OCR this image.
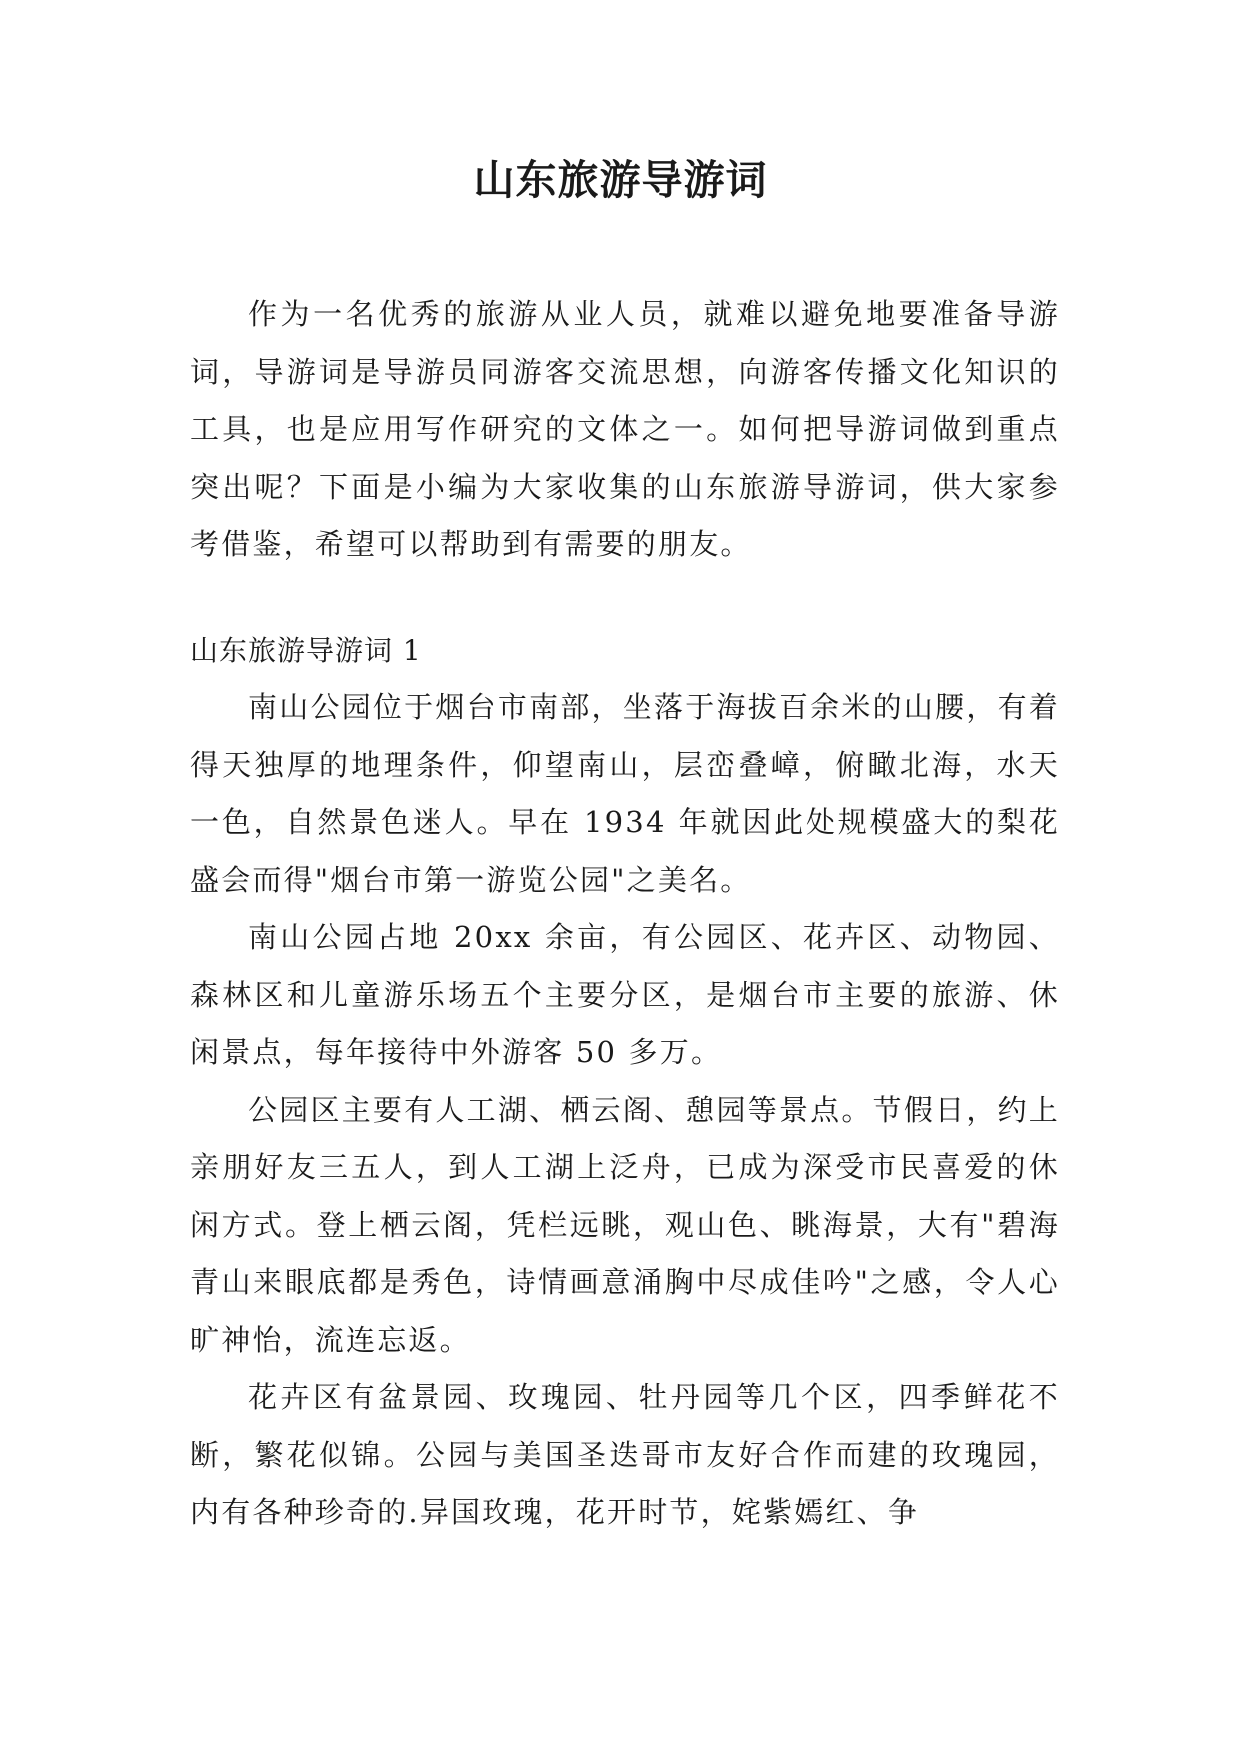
山东旅游导游词

作为一名优秀的旅游从业人员，就难以避免地要准备导游词，导游词是导游员同游客交流思想，向游客传播文化知识的工具，也是应用写作研究的文体之一。如何把导游词做到重点突出呢？下面是小编为大家收集的山东旅游导游词，供大家参考借鉴，希望可以帮助到有需要的朋友。

山东旅游导游词 1

南山公园位于烟台市南部，坐落于海拔百余米的山腰，有着得天独厚的地理条件，仰望南山，层峦叠嶂，俯瞰北海，水天一色，自然景色迷人。早在 1934 年就因此处规模盛大的梨花盛会而得"烟台市第一游览公园"之美名。

南山公园占地 20xx 余亩，有公园区、花卉区、动物园、森林区和儿童游乐场五个主要分区，是烟台市主要的旅游、休闲景点，每年接待中外游客 50 多万。

公园区主要有人工湖、栖云阁、憩园等景点。节假日，约上亲朋好友三五人，到人工湖上泛舟，已成为深受市民喜爱的休闲方式。登上栖云阁，凭栏远眺，观山色、眺海景，大有"碧海青山来眼底都是秀色，诗情画意涌胸中尽成佳吟"之感，令人心旷神怡，流连忘返。

花卉区有盆景园、玫瑰园、牡丹园等几个区，四季鲜花不断，繁花似锦。公园与美国圣迭哥市友好合作而建的玫瑰园，内有各种珍奇的.异国玫瑰，花开时节，姹紫嫣红、争
